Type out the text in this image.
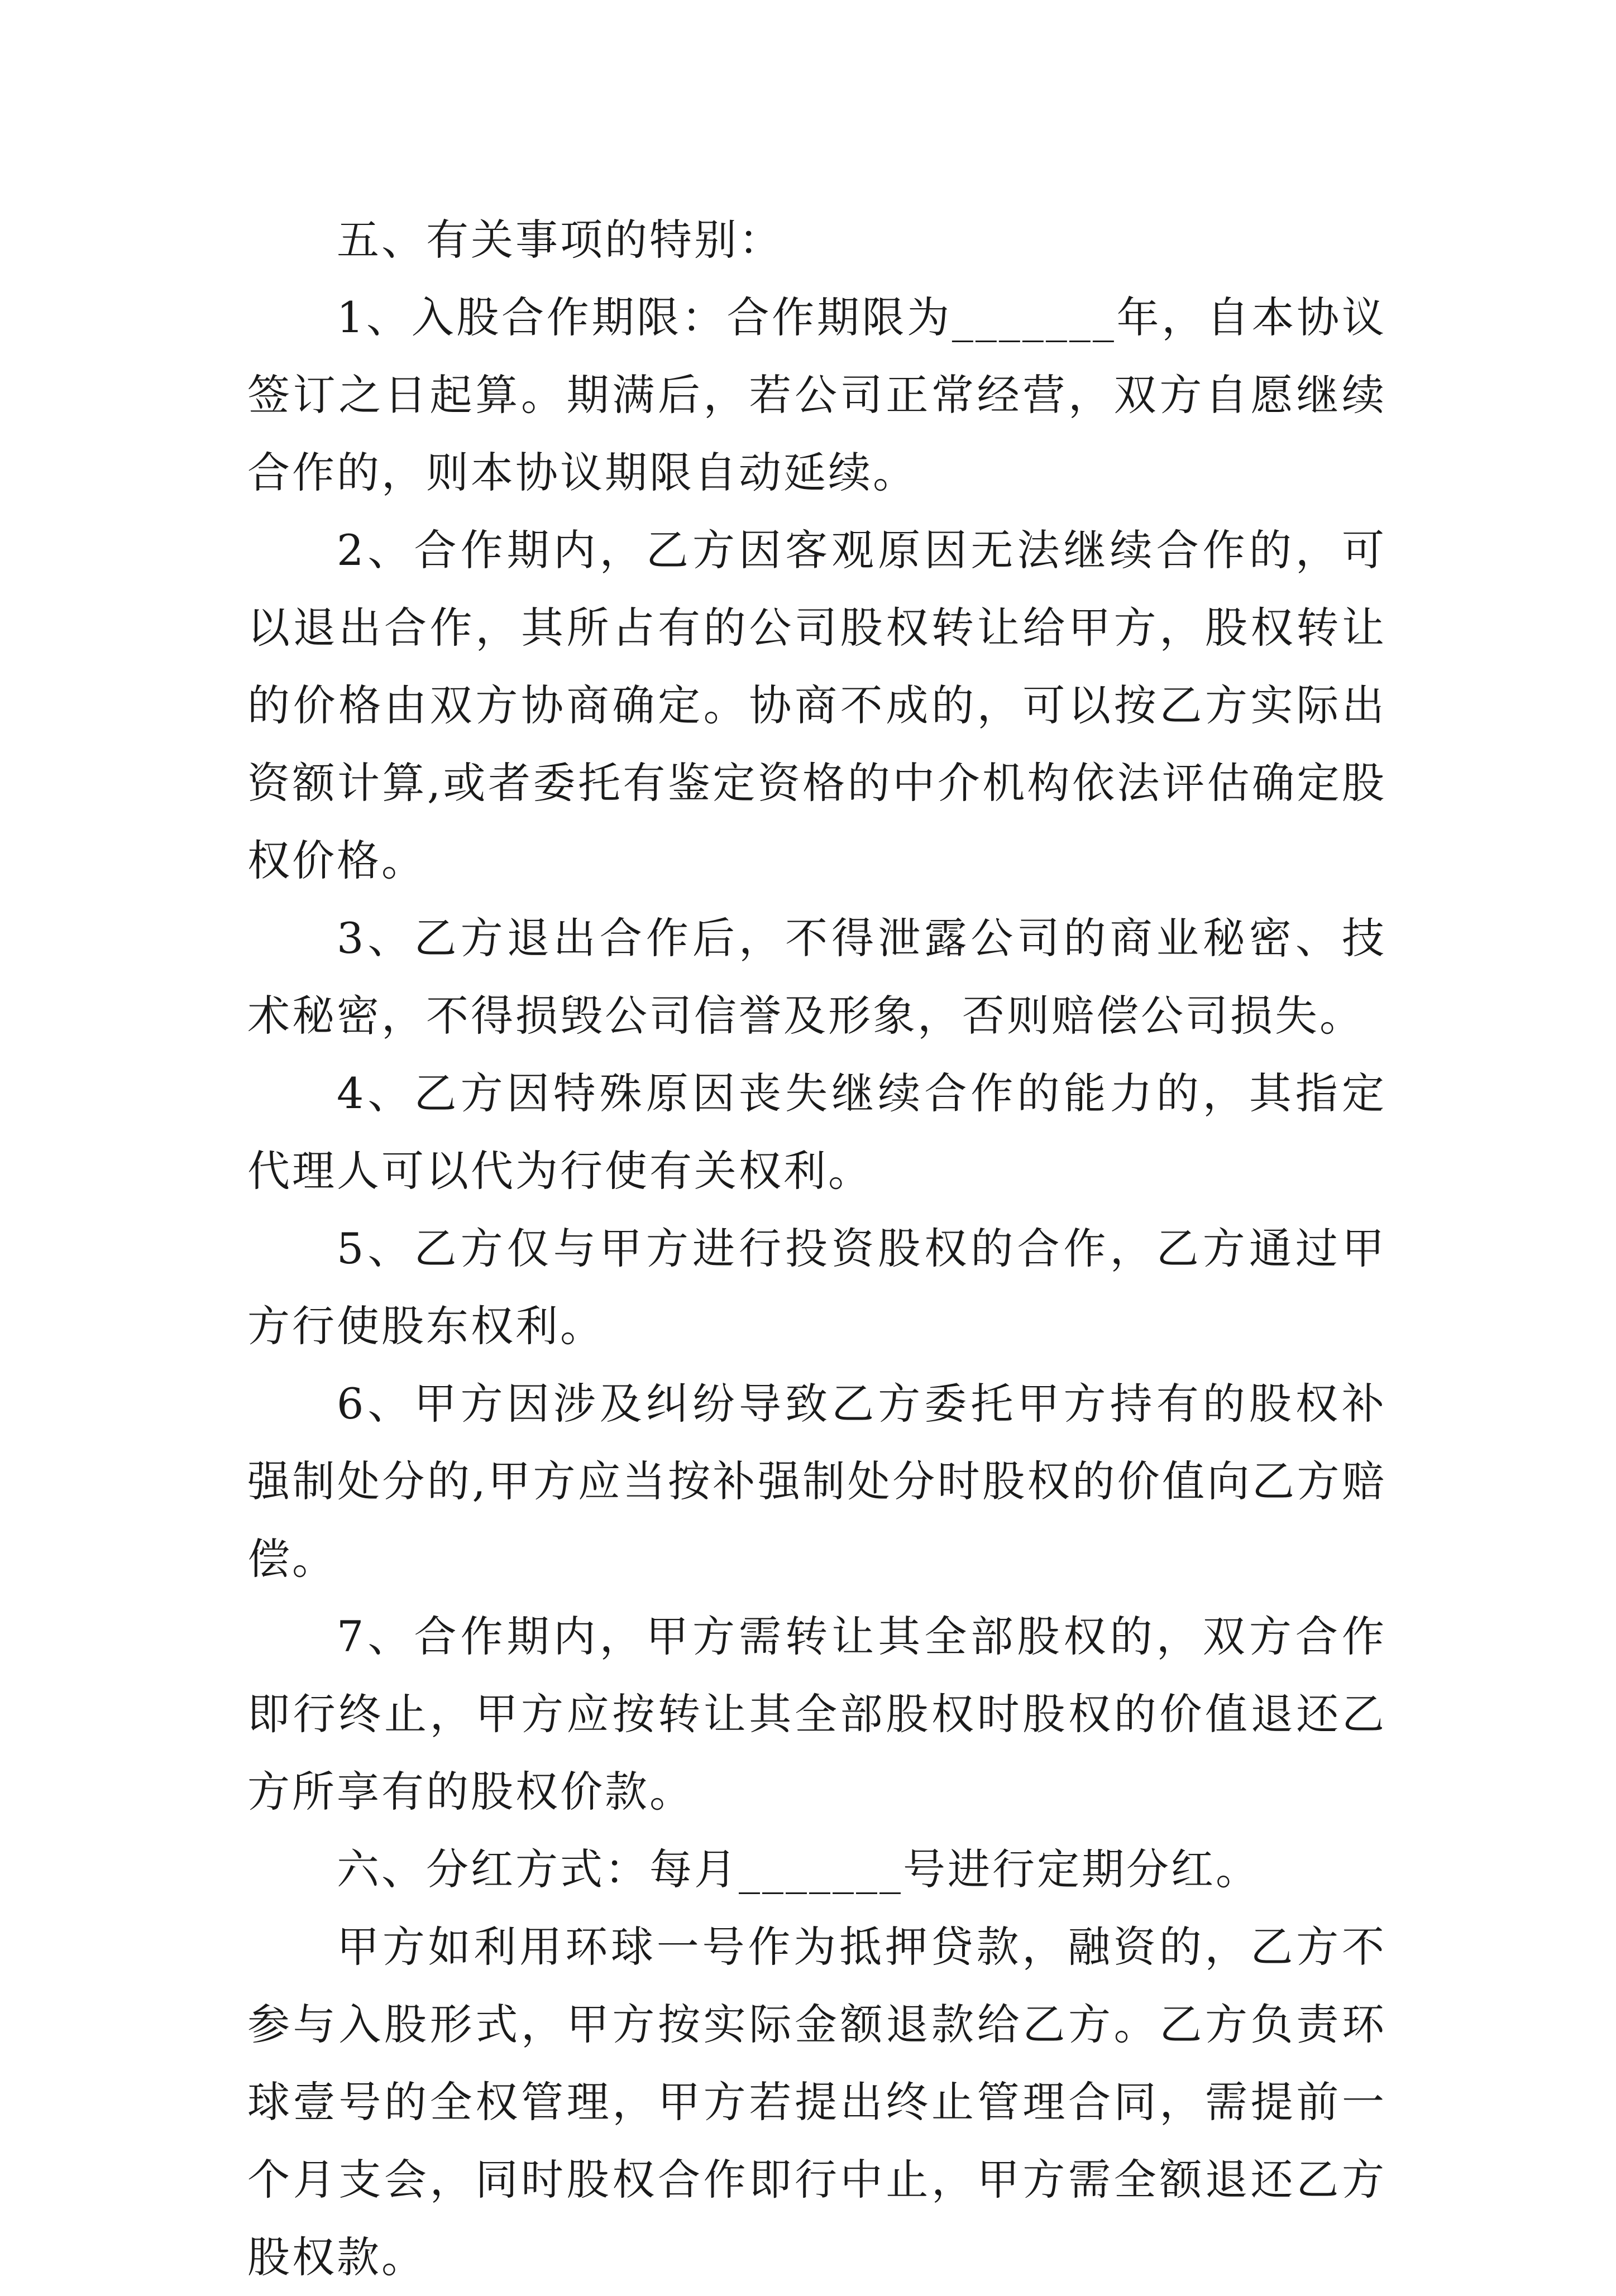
五、有关事项的特别：

1、入股合作期限：合作期限为_______年，自本协议签订之日起算。期满后，若公司正常经营，双方自愿继续合作的，则本协议期限自动延续。

2、合作期内，乙方因客观原因无法继续合作的，可以退出合作，其所占有的公司股权转让给甲方，股权转让的价格由双方协商确定。协商不成的，可以按乙方实际出资额计算,或者委托有鉴定资格的中介机构依法评估确定股权价格。

3、乙方退出合作后，不得泄露公司的商业秘密、技术秘密，不得损毁公司信誉及形象，否则赔偿公司损失。

4、乙方因特殊原因丧失继续合作的能力的，其指定代理人可以代为行使有关权利。

5、乙方仅与甲方进行投资股权的合作，乙方通过甲方行使股东权利。

6、甲方因涉及纠纷导致乙方委托甲方持有的股权补强制处分的,甲方应当按补强制处分时股权的价值向乙方赔偿。

7、合作期内，甲方需转让其全部股权的，双方合作即行终止，甲方应按转让其全部股权时股权的价值退还乙方所享有的股权价款。

六、分红方式：每月_______号进行定期分红。

甲方如利用环球一号作为抵押贷款，融资的，乙方不参与入股形式，甲方按实际金额退款给乙方。乙方负责环球壹号的全权管理，甲方若提出终止管理合同，需提前一个月支会，同时股权合作即行中止，甲方需全额退还乙方股权款。
